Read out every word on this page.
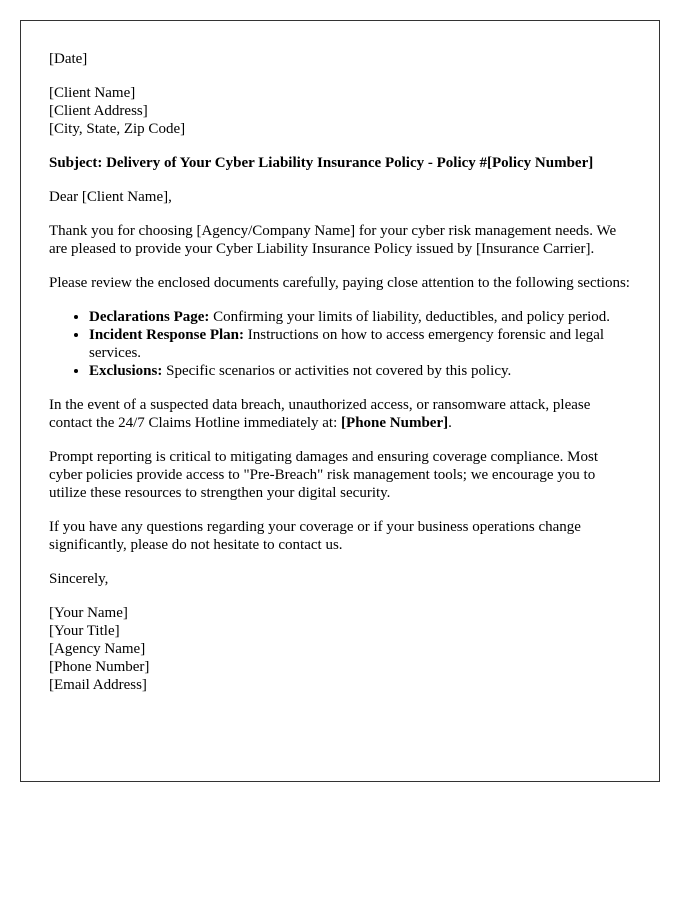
[Date]
[Client Name]
[Client Address]
[City, State, Zip Code]
Subject: Delivery of Your Cyber Liability Insurance Policy - Policy #[Policy Number]
Dear [Client Name],
Thank you for choosing [Agency/Company Name] for your cyber risk management needs. We are pleased to provide your Cyber Liability Insurance Policy issued by [Insurance Carrier].
Please review the enclosed documents carefully, paying close attention to the following sections:
• Declarations Page: Confirming your limits of liability, deductibles, and policy period.
• Incident Response Plan: Instructions on how to access emergency forensic and legal services.
• Exclusions: Specific scenarios or activities not covered by this policy.
In the event of a suspected data breach, unauthorized access, or ransomware attack, please contact the 24/7 Claims Hotline immediately at: [Phone Number].
Prompt reporting is critical to mitigating damages and ensuring coverage compliance. Most cyber policies provide access to "Pre-Breach" risk management tools; we encourage you to utilize these resources to strengthen your digital security.
If you have any questions regarding your coverage or if your business operations change significantly, please do not hesitate to contact us.
Sincerely,
[Your Name]
[Your Title]
[Agency Name]
[Phone Number]
[Email Address]
